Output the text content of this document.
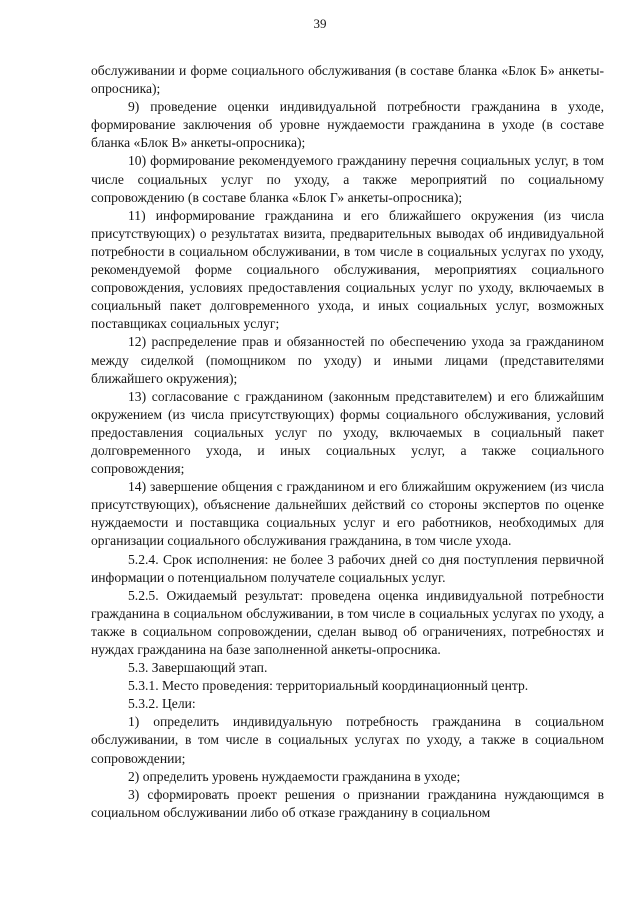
39

обслуживании и форме социального обслуживания (в составе бланка «Блок Б» анкеты-опросника);

9) проведение оценки индивидуальной потребности гражданина в уходе, формирование заключения об уровне нуждаемости гражданина в уходе (в составе бланка «Блок В» анкеты-опросника);

10) формирование рекомендуемого гражданину перечня социальных услуг, в том числе социальных услуг по уходу, а также мероприятий по социальному сопровождению (в составе бланка «Блок Г» анкеты-опросника);

11) информирование гражданина и его ближайшего окружения (из числа присутствующих) о результатах визита, предварительных выводах об индивидуальной потребности в социальном обслуживании, в том числе в социальных услугах по уходу, рекомендуемой форме социального обслуживания, мероприятиях социального сопровождения, условиях предоставления социальных услуг по уходу, включаемых в социальный пакет долговременного ухода, и иных социальных услуг, возможных поставщиках социальных услуг;

12) распределение прав и обязанностей по обеспечению ухода за гражданином между сиделкой (помощником по уходу) и иными лицами (представителями ближайшего окружения);

13) согласование с гражданином (законным представителем) и его ближайшим окружением (из числа присутствующих) формы социального обслуживания, условий предоставления социальных услуг по уходу, включаемых в социальный пакет долговременного ухода, и иных социальных услуг, а также социального сопровождения;

14) завершение общения с гражданином и его ближайшим окружением (из числа присутствующих), объяснение дальнейших действий со стороны экспертов по оценке нуждаемости и поставщика социальных услуг и его работников, необходимых для организации социального обслуживания гражданина, в том числе ухода.

5.2.4. Срок исполнения: не более 3 рабочих дней со дня поступления первичной информации о потенциальном получателе социальных услуг.

5.2.5. Ожидаемый результат: проведена оценка индивидуальной потребности гражданина в социальном обслуживании, в том числе в социальных услугах по уходу, а также в социальном сопровождении, сделан вывод об ограничениях, потребностях и нуждах гражданина на базе заполненной анкеты-опросника.

5.3. Завершающий этап.

5.3.1. Место проведения: территориальный координационный центр.

5.3.2. Цели:

1) определить индивидуальную потребность гражданина в социальном обслуживании, в том числе в социальных услугах по уходу, а также в социальном сопровождении;

2) определить уровень нуждаемости гражданина в уходе;

3) сформировать проект решения о признании гражданина нуждающимся в социальном обслуживании либо об отказе гражданину в социальном
